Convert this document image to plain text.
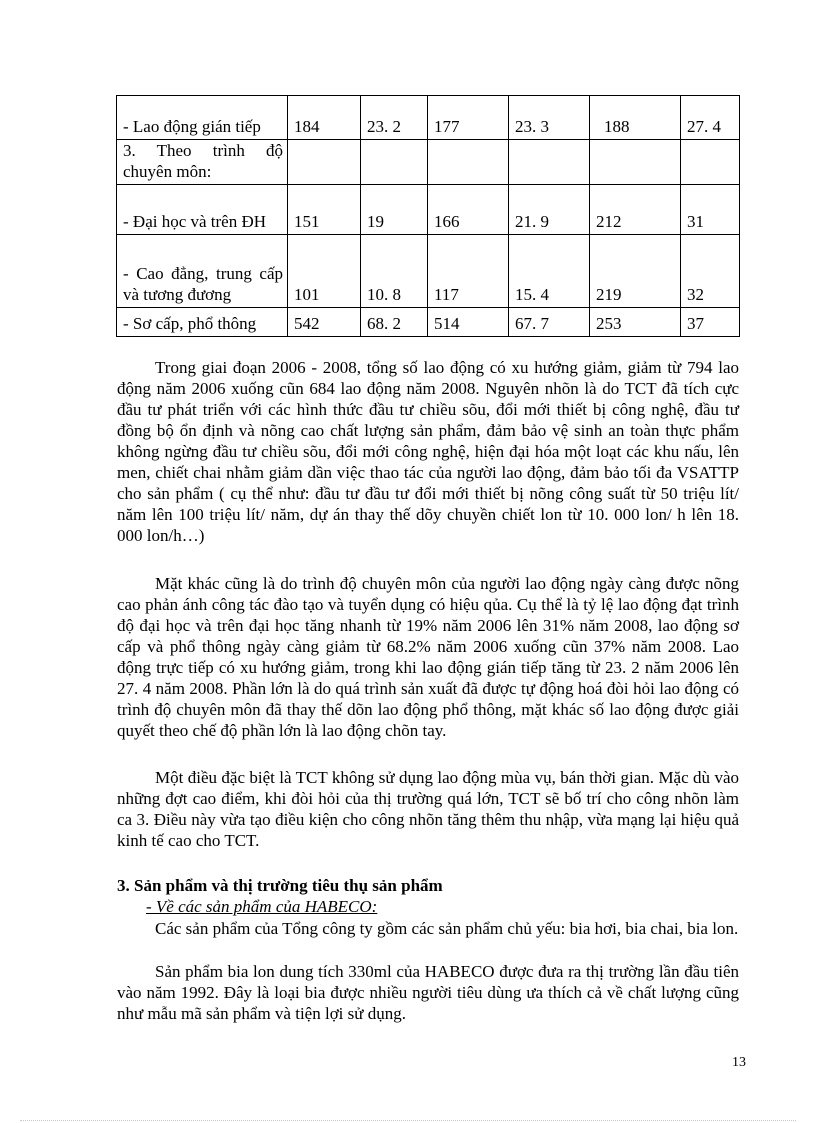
- Lao động gián tiếp	184	23. 2	177	23. 3	188	27. 4
3. Theo trình độ chuyên môn:						
- Đại học và trên ĐH	151	19	166	21. 9	212	31
- Cao đẳng, trung cấp và tương đương	101	10. 8	117	15. 4	219	32
- Sơ cấp, phổ thông	542	68. 2	514	67. 7	253	37

Trong giai đoạn 2006 - 2008, tổng số lao động có xu hướng giảm, giảm từ 794 lao động năm 2006 xuống cũn 684 lao động năm 2008. Nguyên nhõn là do TCT đã tích cực đầu tư phát triển với các hình thức đầu tư chiều sõu, đổi mới thiết bị công nghệ, đầu tư đồng bộ ổn định và nõng cao chất lượng sản phẩm, đảm bảo vệ sinh an toàn thực phẩm không ngừng đầu tư chiều sõu, đổi mới công nghệ, hiện đại hóa một loạt các khu nấu, lên men, chiết chai nhằm giảm dần việc thao tác của người lao động, đảm bảo tối đa VSATTP cho sản phẩm ( cụ thể như: đầu tư đầu tư đổi mới thiết bị nõng công suất từ 50 triệu lít/ năm lên 100 triệu lít/ năm, dự án thay thế dõy chuyền chiết lon từ 10. 000 lon/ h lên 18. 000 lon/h…)

Mặt khác cũng là do trình độ chuyên môn của người lao động ngày càng được nõng cao phản ánh công tác đào tạo và tuyển dụng có hiệu qủa. Cụ thể là tỷ lệ lao động đạt trình độ đại học và trên đại học tăng nhanh từ 19% năm 2006 lên 31% năm 2008, lao động sơ cấp và phổ thông ngày càng giảm từ 68.2% năm 2006 xuống cũn 37% năm 2008. Lao động trực tiếp có xu hướng giảm, trong khi lao động gián tiếp tăng từ 23. 2 năm 2006 lên 27. 4 năm 2008. Phần lớn là do quá trình sản xuất đã được tự động hoá đòi hỏi lao động có trình độ chuyên môn đã thay thế dõn lao động phổ thông, mặt khác số lao động được giải quyết theo chế độ phần lớn là lao động chõn tay.

Một điều đặc biệt là TCT không sử dụng lao động mùa vụ, bán thời gian. Mặc dù vào những đợt cao điểm, khi đòi hỏi của thị trường quá lớn, TCT sẽ bố trí cho công nhõn làm ca 3. Điều này vừa tạo điều kiện cho công nhõn tăng thêm thu nhập, vừa mạng lại hiệu quả kinh tế cao cho TCT.

3. Sản phẩm và thị trường tiêu thụ sản phẩm

- Về các sản phẩm của HABECO:

Các sản phẩm của Tổng công ty gồm các sản phẩm chủ yếu: bia hơi, bia chai, bia lon.

Sản phẩm bia lon dung tích 330ml của HABECO được đưa ra thị trường lần đầu tiên vào năm 1992. Đây là loại bia được nhiều người tiêu dùng ưa thích cả về chất lượng cũng như mẫu mã sản phẩm và tiện lợi sử dụng.

13
